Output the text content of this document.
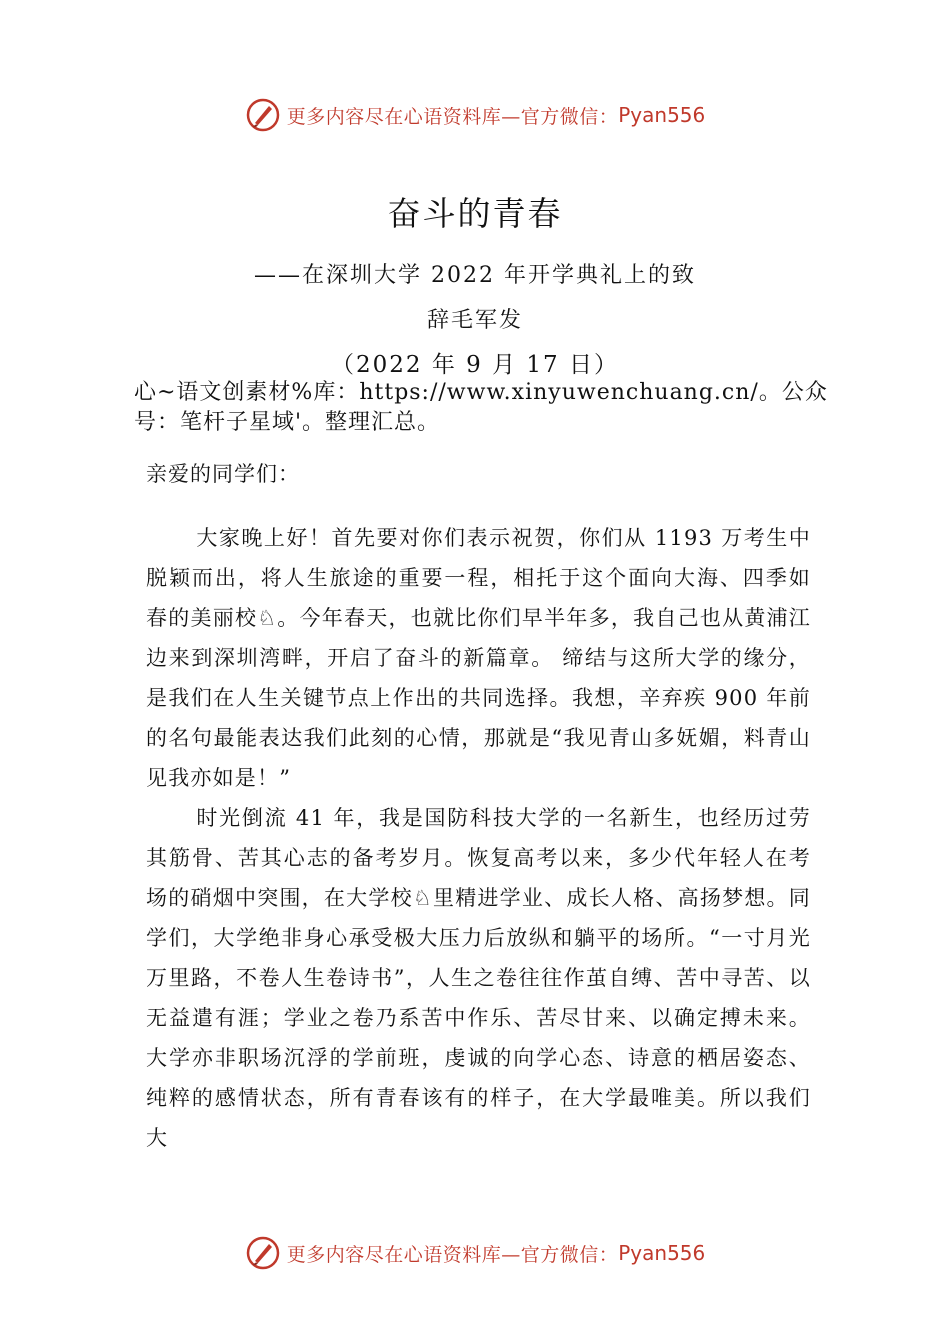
更多内容尽在心语资料库—官方微信： Pyan556
奋斗的青春
——在深圳大学 2022 年开学典礼上的致
辞毛军发
（2022 年 9 月 17 日）
心~语文创素材%库：https://www.xinyuwenchuang.cn/。公众号：笔杆子星域'。整理汇总。
亲爱的同学们：

大家晚上好！首先要对你们表示祝贺，你们从 1193 万考生中脱颖而出，将人生旅途的重要一程，相托于这个面向大海、四季如春的美丽校♘。今年春天，也就比你们早半年多，我自己也从黄浦江边来到深圳湾畔，开启了奋斗的新篇章。 缔结与这所大学的缘分，是我们在人生关键节点上作出的共同选择。我想，辛弃疾 900 年前的名句最能表达我们此刻的心情，那就是“我见青山多妩媚，料青山见我亦如是！”

时光倒流 41 年，我是国防科技大学的一名新生，也经历过劳其筋骨、苦其心志的备考岁月。恢复高考以来，多少代年轻人在考场的硝烟中突围，在大学校♘里精进学业、成长人格、高扬梦想。同学们，大学绝非身心承受极大压力后放纵和躺平的场所。“一寸月光万里路，不卷人生卷诗书”，人生之卷往往作茧自缚、苦中寻苦、以无益遣有涯；学业之卷乃系苦中作乐、苦尽甘来、以确定搏未来。大学亦非职场沉浮的学前班，虔诚的向学心态、诗意的栖居姿态、纯粹的感情状态，所有青春该有的样子，在大学最唯美。所以我们大

更多内容尽在心语资料库—官方微信： Pyan556
